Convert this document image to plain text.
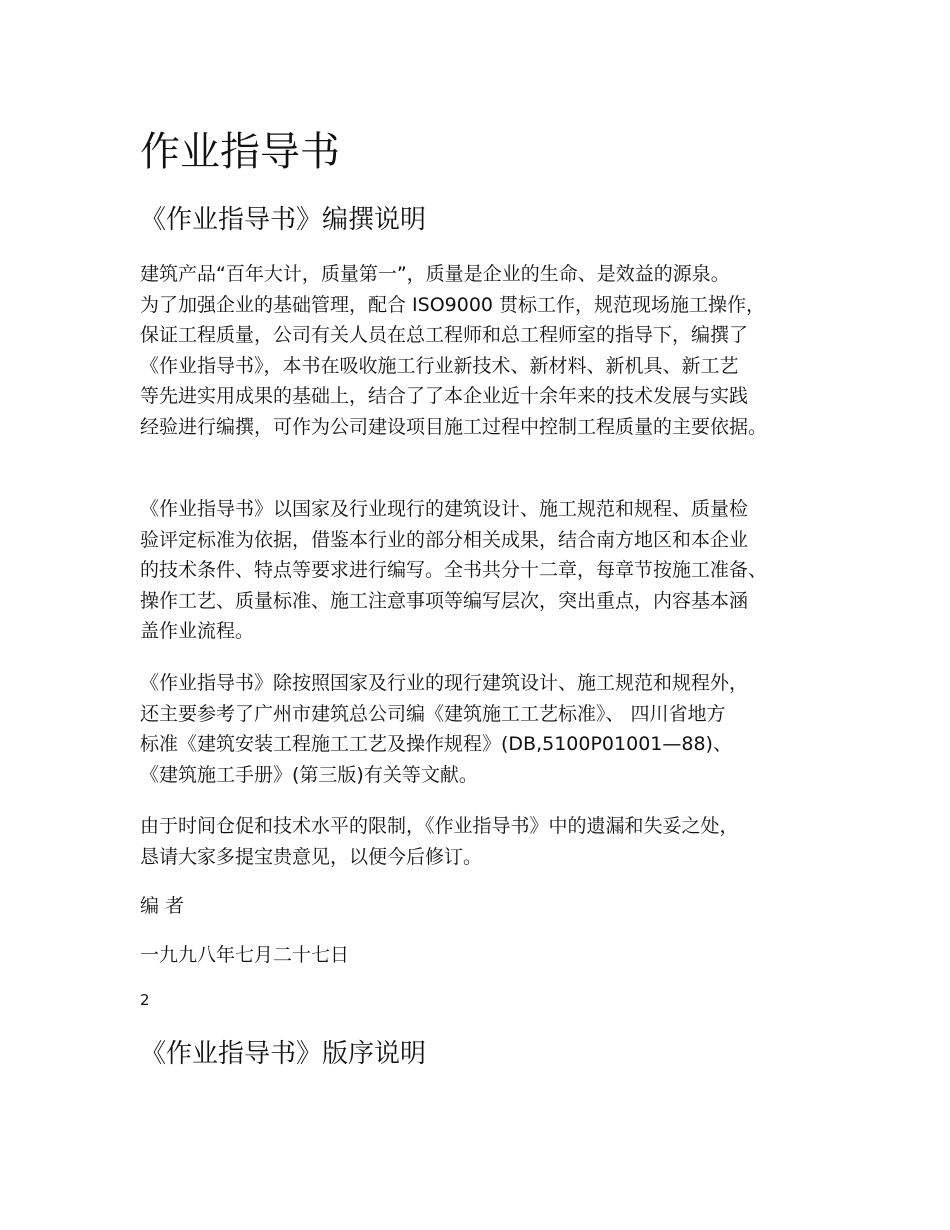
作业指导书
《作业指导书》编撰说明

建筑产品“百年大计，质量第一”，质量是企业的生命、是效益的源泉。
为了加强企业的基础管理，配合 ISO9000 贯标工作，规范现场施工操作，
保证工程质量，公司有关人员在总工程师和总工程师室的指导下，编撰了
《作业指导书》，本书在吸收施工行业新技术、新材料、新机具、新工艺
等先进实用成果的基础上，结合了了本企业近十余年来的技术发展与实践
经验进行编撰，可作为公司建设项目施工过程中控制工程质量的主要依据。

《作业指导书》以国家及行业现行的建筑设计、施工规范和规程、质量检
验评定标准为依据，借鉴本行业的部分相关成果，结合南方地区和本企业
的技术条件、特点等要求进行编写。全书共分十二章，每章节按施工准备、
操作工艺、质量标准、施工注意事项等编写层次，突出重点，内容基本涵
盖作业流程。

《作业指导书》除按照国家及行业的现行建筑设计、施工规范和规程外，
还主要参考了广州市建筑总公司编《建筑施工工艺标准》、 四川省地方
标准《建筑安装工程施工工艺及操作规程》(DB,5100P01001—88)、
《建筑施工手册》(第三版)有关等文献。

由于时间仓促和技术水平的限制，《作业指导书》中的遗漏和失妥之处，
恳请大家多提宝贵意见，以便今后修订。

编 者

一九九八年七月二十七日

2
《作业指导书》版序说明
